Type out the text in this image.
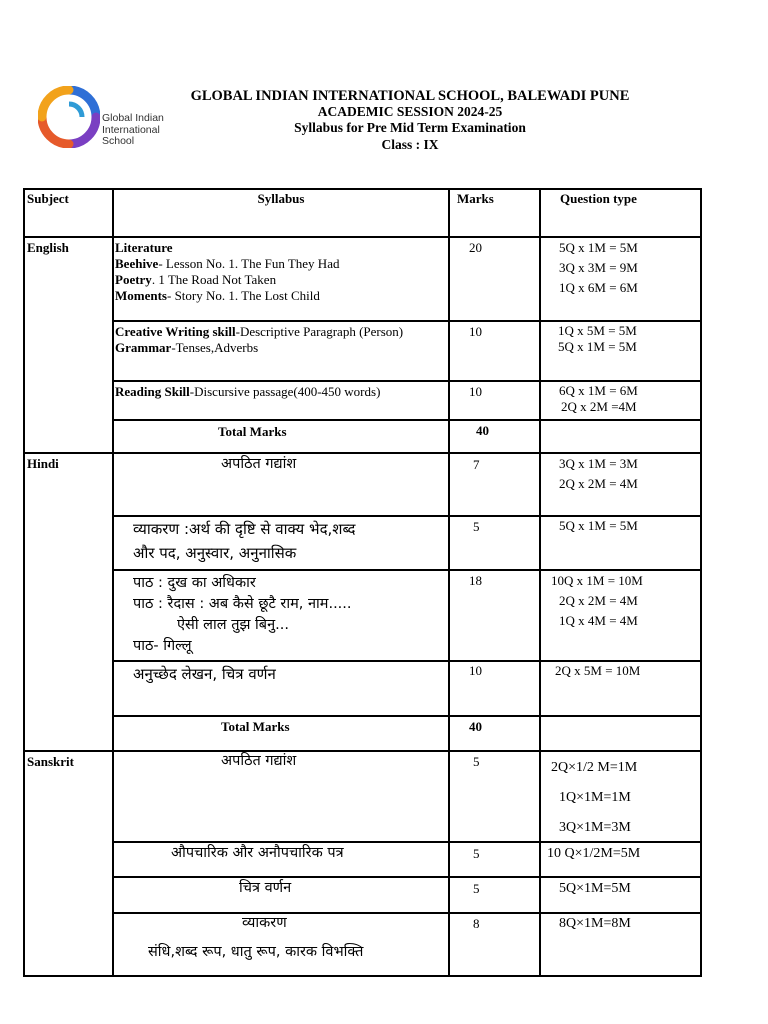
Global Indian
International
School
GLOBAL INDIAN INTERNATIONAL SCHOOL, BALEWADI PUNE
ACADEMIC SESSION 2024-25
Syllabus for Pre Mid Term Examination
Class : IX
Subject	Syllabus	Marks	Question type
English	Literature
Beehive- Lesson No. 1. The Fun They Had
Poetry. 1 The Road Not Taken
Moments- Story No. 1. The Lost Child
20	5Q x 1M = 5M
3Q x 3M = 9M
1Q x 6M = 6M
Creative Writing skill-Descriptive Paragraph (Person)
Grammar-Tenses,Adverbs
10	1Q x 5M = 5M
5Q x 1M = 5M
Reading Skill-Discursive passage(400-450 words)	10	6Q x 1M = 6M
2Q x 2M =4M
Total Marks	40
Hindi	अपठित गद्यांश	7	3Q x 1M = 3M
2Q x 2M = 4M
व्याकरण :अर्थ की दृष्टि से वाक्य भेद,शब्द
और पद, अनुस्वार, अनुनासिक
5	5Q x 1M = 5M
पाठ : दुख का अधिकार
पाठ : रैदास : अब कैसे छूटै राम, नाम.....
ऐसी लाल तुझ बिनु...
पाठ- गिल्लू
18	10Q x 1M = 10M
2Q x 2M = 4M
1Q x 4M = 4M
अनुच्छेद लेखन, चित्र वर्णन	10	2Q x 5M = 10M
Total Marks	40
Sanskrit	अपठित गद्यांश	5	2Q×1/2 M=1M
1Q×1M=1M
3Q×1M=3M
औपचारिक और अनौपचारिक पत्र	5	10 Q×1/2M=5M
चित्र वर्णन	5	5Q×1M=5M
व्याकरण
संधि,शब्द रूप, धातु रूप, कारक विभक्ति
8	8Q×1M=8M
